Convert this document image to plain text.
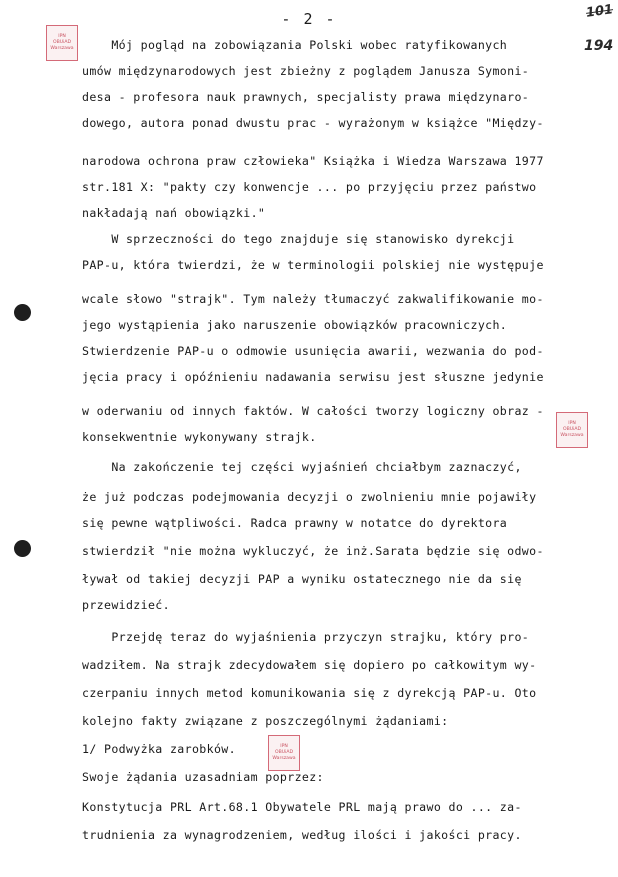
- 2 -	101
194
IPN
OBUiAD
Warszawa
IPN
OBUiAD
Warszawa
IPN
OBUiAD
Warszawa
Mój pogląd na zobowiązania Polski wobec ratyfikowanych
umów międzynarodowych jest zbieżny z poglądem Janusza Symoni-
desa - profesora nauk prawnych, specjalisty prawa międzynaro-
dowego, autora ponad dwustu prac - wyrażonym w książce "Między-
narodowa ochrona praw człowieka" Książka i Wiedza Warszawa 1977
str.181 X: "pakty czy konwencje ... po przyjęciu przez państwo
nakładają nań obowiązki."
W sprzeczności do tego znajduje się stanowisko dyrekcji
PAP-u, która twierdzi, że w terminologii polskiej nie występuje
wcale słowo "strajk". Tym należy tłumaczyć zakwalifikowanie mo-
jego wystąpienia jako naruszenie obowiązków pracowniczych.
Stwierdzenie PAP-u o odmowie usunięcia awarii, wezwania do pod-
jęcia pracy i opóźnieniu nadawania serwisu jest słuszne jedynie
w oderwaniu od innych faktów. W całości tworzy logiczny obraz -
konsekwentnie wykonywany strajk.
Na zakończenie tej części wyjaśnień chciałbym zaznaczyć,
że już podczas podejmowania decyzji o zwolnieniu mnie pojawiły
się pewne wątpliwości. Radca prawny w notatce do dyrektora
stwierdził "nie można wykluczyć, że inż.Sarata będzie się odwo-
ływał od takiej decyzji PAP a wyniku ostatecznego nie da się
przewidzieć.
Przejdę teraz do wyjaśnienia przyczyn strajku, który pro-
wadziłem. Na strajk zdecydowałem się dopiero po całkowitym wy-
czerpaniu innych metod komunikowania się z dyrekcją PAP-u. Oto
kolejno fakty związane z poszczególnymi żądaniami:
1/ Podwyżka zarobków.
Swoje żądania uzasadniam poprzez:
Konstytucja PRL Art.68.1 Obywatele PRL mają prawo do ... za-
trudnienia za wynagrodzeniem, według ilości i jakości pracy.
